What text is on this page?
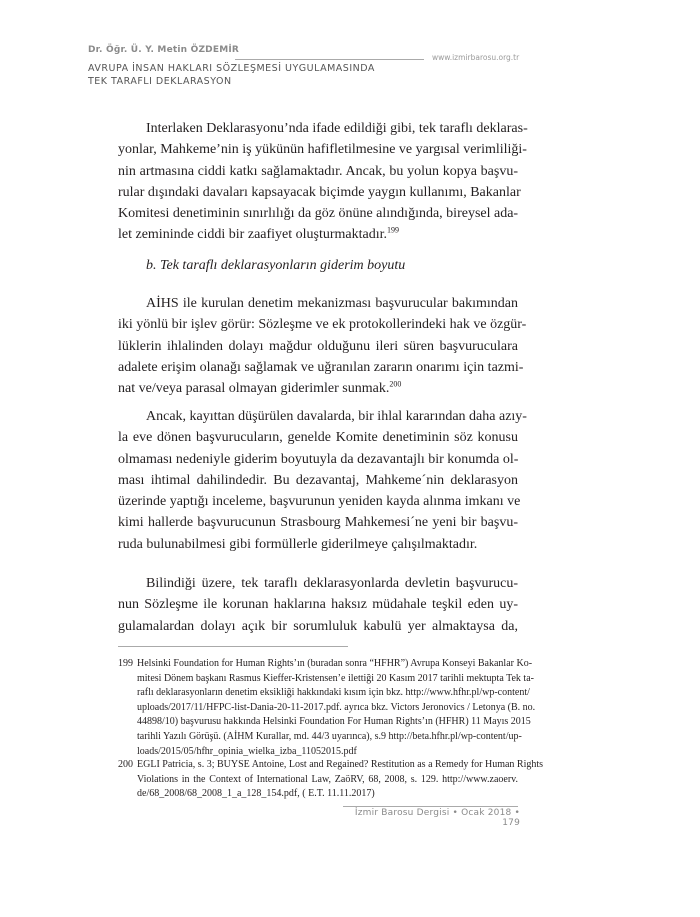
Dr. Öğr. Ü. Y. Metin ÖZDEMİR
www.izmirbarosu.org.tr
AVRUPA İNSAN HAKLARI SÖZLEŞMESİ UYGULAMASINDA
TEK TARAFLI DEKLARASYON
Interlaken Deklarasyonu’nda ifade edildiği gibi, tek taraflı deklaras-
yonlar, Mahkeme’nin iş yükünün hafifletilmesine ve yargısal verimliliği-
nin artmasına ciddi katkı sağlamaktadır. Ancak, bu yolun kopya başvu-
rular dışındaki davaları kapsayacak biçimde yaygın kullanımı, Bakanlar
Komitesi denetiminin sınırlılığı da göz önüne alındığında, bireysel ada-
let zemininde ciddi bir zaafiyet oluşturmaktadır.$^{199}$
b. Tek taraflı deklarasyonların giderim boyutu
AİHS ile kurulan denetim mekanizması başvurucular bakımından
iki yönlü bir işlev görür: Sözleşme ve ek protokollerindeki hak ve özgür-
lüklerin ihlalinden dolayı mağdur olduğunu ileri süren başvuruculara
adalete erişim olanağı sağlamak ve uğranılan zararın onarımı için tazmi-
nat ve/veya parasal olmayan giderimler sunmak.$^{200}$
Ancak, kayıttan düşürülen davalarda, bir ihlal kararından daha azıy-
la eve dönen başvurucuların, genelde Komite denetiminin söz konusu
olmaması nedeniyle giderim boyutuyla da dezavantajlı bir konumda ol-
ması ihtimal dahilindedir. Bu dezavantaj, Mahkeme´nin deklarasyon
üzerinde yaptığı inceleme, başvurunun yeniden kayda alınma imkanı ve
kimi hallerde başvurucunun Strasbourg Mahkemesi´ne yeni bir başvu-
ruda bulunabilmesi gibi formüllerle giderilmeye çalışılmaktadır.
Bilindiği üzere, tek taraflı deklarasyonlarda devletin başvurucu-
nun Sözleşme ile korunan haklarına haksız müdahale teşkil eden uy-
gulamalardan dolayı açık bir sorumluluk kabulü yer almaktaysa da,
199 Helsinki Foundation for Human Rights’ın (buradan sonra “HFHR”) Avrupa Konseyi Bakanlar Ko-
mitesi Dönem başkanı Rasmus Kieffer-Kristensen’e ilettiği 20 Kasım 2017 tarihli mektupta Tek ta-
raflı deklarasyonların denetim eksikliği hakkındaki kısım için bkz. http://www.hfhr.pl/wp-content/
uploads/2017/11/HFPC-list-Dania-20-11-2017.pdf. ayrıca bkz. Victors Jeronovics / Letonya (B. no.
44898/10) başvurusu hakkında Helsinki Foundation For Human Rights’ın (HFHR) 11 Mayıs 2015
tarihli Yazılı Görüşü. (AİHM Kurallar, md. 44/3 uyarınca), s.9 http://beta.hfhr.pl/wp-content/up-
loads/2015/05/hfhr_opinia_wielka_izba_11052015.pdf
200 EGLI Patricia, s. 3; BUYSE Antoine, Lost and Regained? Restitution as a Remedy for Human Rights
Violations in the Context of International Law, ZaöRV, 68, 2008, s. 129. http://www.zaoerv.
de/68_2008/68_2008_1_a_128_154.pdf, ( E.T. 11.11.2017)
İzmir Barosu Dergisi • Ocak 2018 • 179
